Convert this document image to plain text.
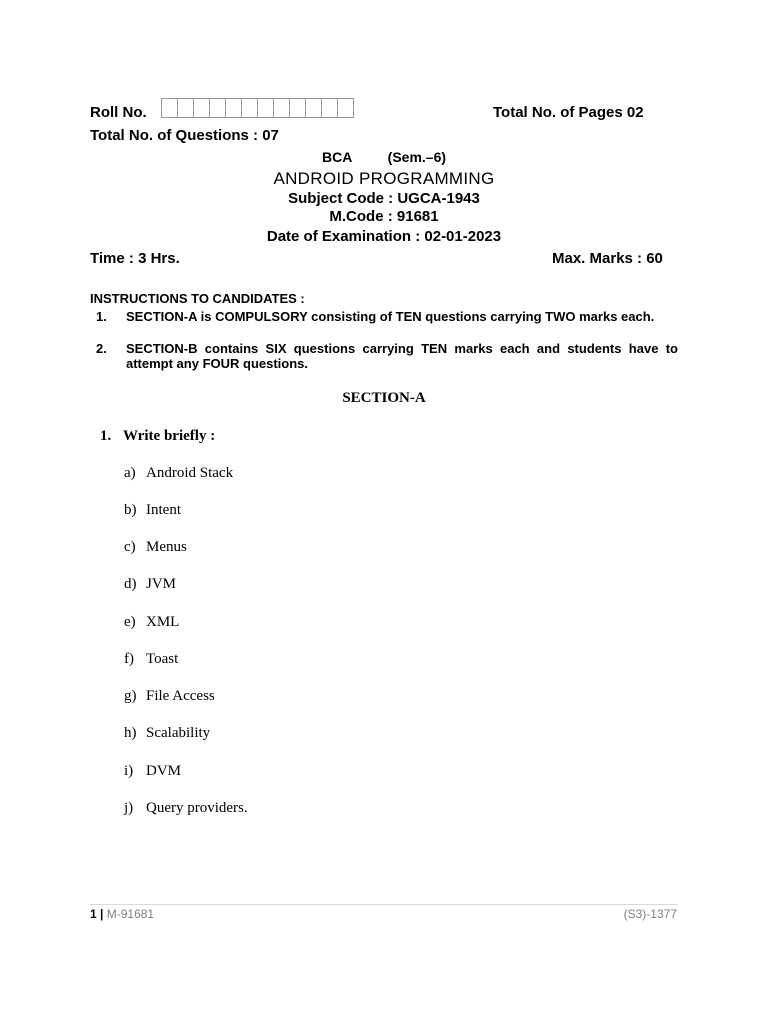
Roll No.	Total No. of Pages 02
Total No. of Questions : 07
BCA	(Sem.–6)
ANDROID PROGRAMMING
Subject Code : UGCA-1943
M.Code : 91681
Date of Examination : 02-01-2023
Time : 3 Hrs.	Max. Marks : 60
INSTRUCTIONS TO CANDIDATES :
1. SECTION-A is COMPULSORY consisting of TEN questions carrying TWO marks each.
2. SECTION-B contains SIX questions carrying TEN marks each and students have to attempt any FOUR questions.
SECTION-A
1. Write briefly :
a) Android Stack
b) Intent
c) Menus
d) JVM
e) XML
f) Toast
g) File Access
h) Scalability
i) DVM
j) Query providers.
1 | M-91681	(S3)-1377
